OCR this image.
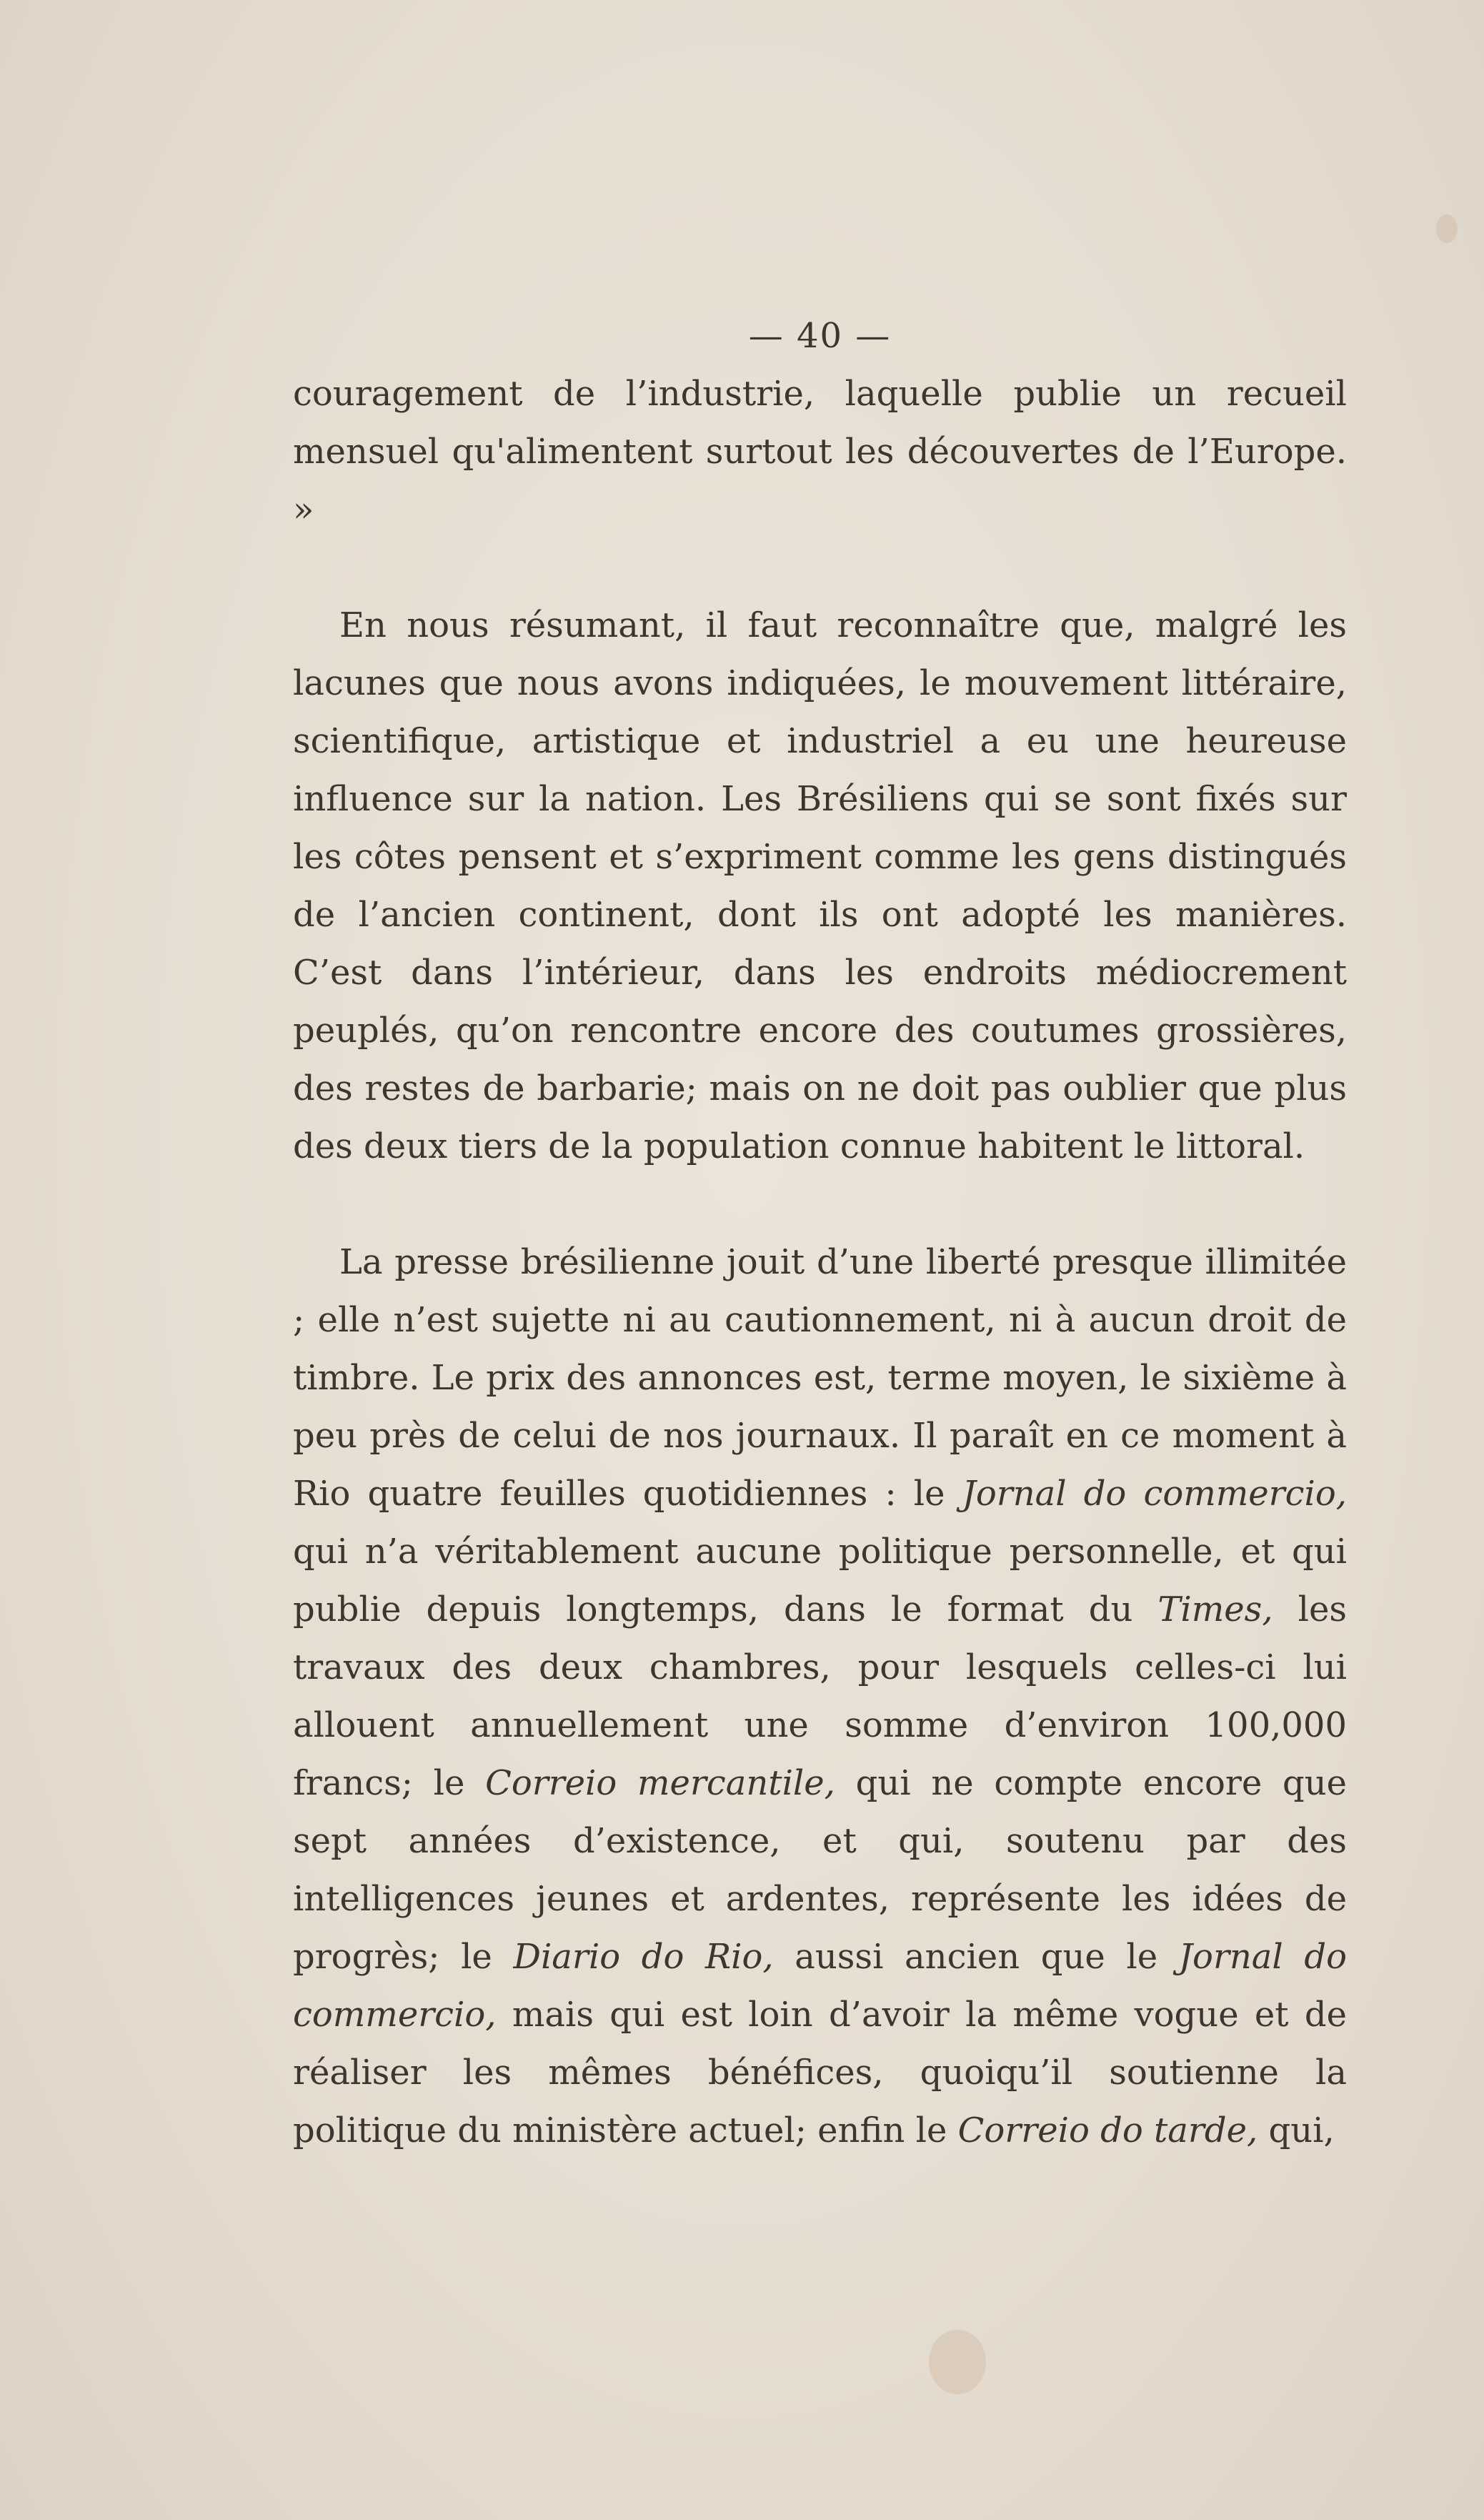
— 40 —

couragement de l’industrie, laquelle publie un recueil mensuel qu'alimentent surtout les découvertes de l’Europe. »

En nous résumant, il faut reconnaître que, malgré les lacunes que nous avons indiquées, le mouvement littéraire, scientifique, artistique et industriel a eu une heureuse influence sur la nation. Les Brésiliens qui se sont fixés sur les côtes pensent et s’expriment comme les gens distingués de l’ancien continent, dont ils ont adopté les manières. C’est dans l’intérieur, dans les endroits médiocrement peuplés, qu’on rencontre encore des coutumes grossières, des restes de barbarie; mais on ne doit pas oublier que plus des deux tiers de la population connue habitent le littoral.

La presse brésilienne jouit d’une liberté presque illimitée ; elle n’est sujette ni au cautionnement, ni à aucun droit de timbre. Le prix des annonces est, terme moyen, le sixième à peu près de celui de nos journaux. Il paraît en ce moment à Rio quatre feuilles quotidiennes : le Jornal do commercio, qui n’a véritablement aucune politique personnelle, et qui publie depuis longtemps, dans le format du Times, les travaux des deux chambres, pour lesquels celles-ci lui allouent annuellement une somme d’environ 100,000 francs; le Correio mercantile, qui ne compte encore que sept années d’existence, et qui, soutenu par des intelligences jeunes et ardentes, représente les idées de progrès; le Diario do Rio, aussi ancien que le Jornal do commercio, mais qui est loin d’avoir la même vogue et de réaliser les mêmes bénéfices, quoiqu’il soutienne la politique du ministère actuel; enfin le Correio do tarde, qui,
